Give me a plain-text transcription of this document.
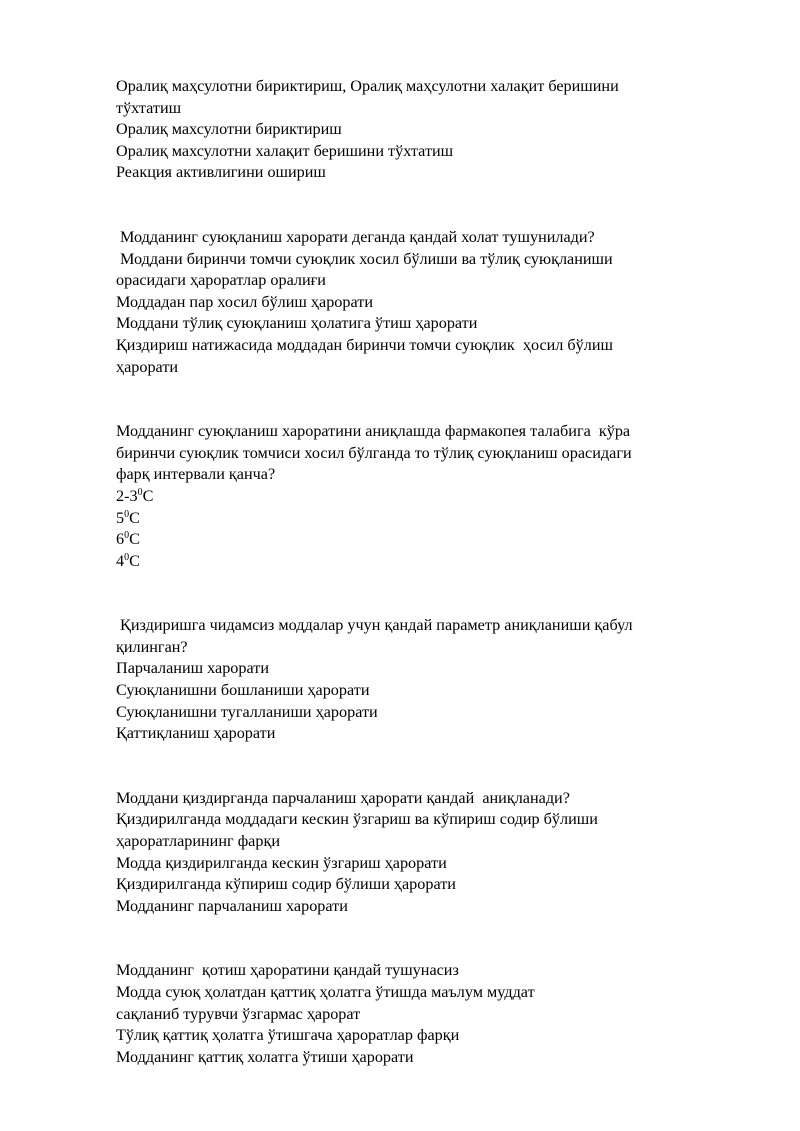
Оралиқ маҳсулотни бириктириш, Оралиқ маҳсулотни халақит беришини
тўхтатиш
Оралиқ махсулотни бириктириш
Оралиқ махсулотни халақит беришини тўхтатиш
Реакция активлигини ошириш
Модданинг суюқланиш харорати деганда қандай холат тушунилади?
Моддани биринчи томчи суюқлик хосил бўлиши ва тўлиқ суюқланиши
орасидаги ҳароратлар оралиғи
Моддадан пар хосил бўлиш ҳарорати
Моддани тўлиқ суюқланиш ҳолатига ўтиш ҳарорати
Қиздириш натижасида моддадан биринчи томчи суюқлик  ҳосил бўлиш
ҳарорати
Модданинг суюқланиш хароратини аниқлашда фармакопея талабига  кўра
биринчи суюқлик томчиси хосил бўлганда то тўлиқ суюқланиш орасидаги
фарқ интервали қанча?
$2-3^0C$
$5^0C$
$6^0C$
$4^0C$
Қиздиришга чидамсиз моддалар учун қандай параметр аниқланиши қабул
қилинган?
Парчаланиш харорати
Суюқланишни бошланиши ҳарорати
Суюқланишни тугалланиши ҳарорати
Қаттиқланиш ҳарорати
Моддани қиздирганда парчаланиш ҳарорати қандай  аниқланади?
Қиздирилганда моддадаги кескин ўзгариш ва кўпириш содир бўлиши
ҳароратларининг фарқи
Модда қиздирилганда кескин ўзгариш ҳарорати
Қиздирилганда кўпириш содир бўлиши ҳарорати
Модданинг парчаланиш харорати
Модданинг  қотиш ҳароратини қандай тушунасиз
Модда суюқ ҳолатдан қаттиқ ҳолатга ўтишда маълум муддат
сақланиб турувчи ўзгармас ҳарорат
Тўлиқ қаттиқ ҳолатга ўтишгача ҳароратлар фарқи
Модданинг қаттиқ холатга ўтиши ҳарорати
